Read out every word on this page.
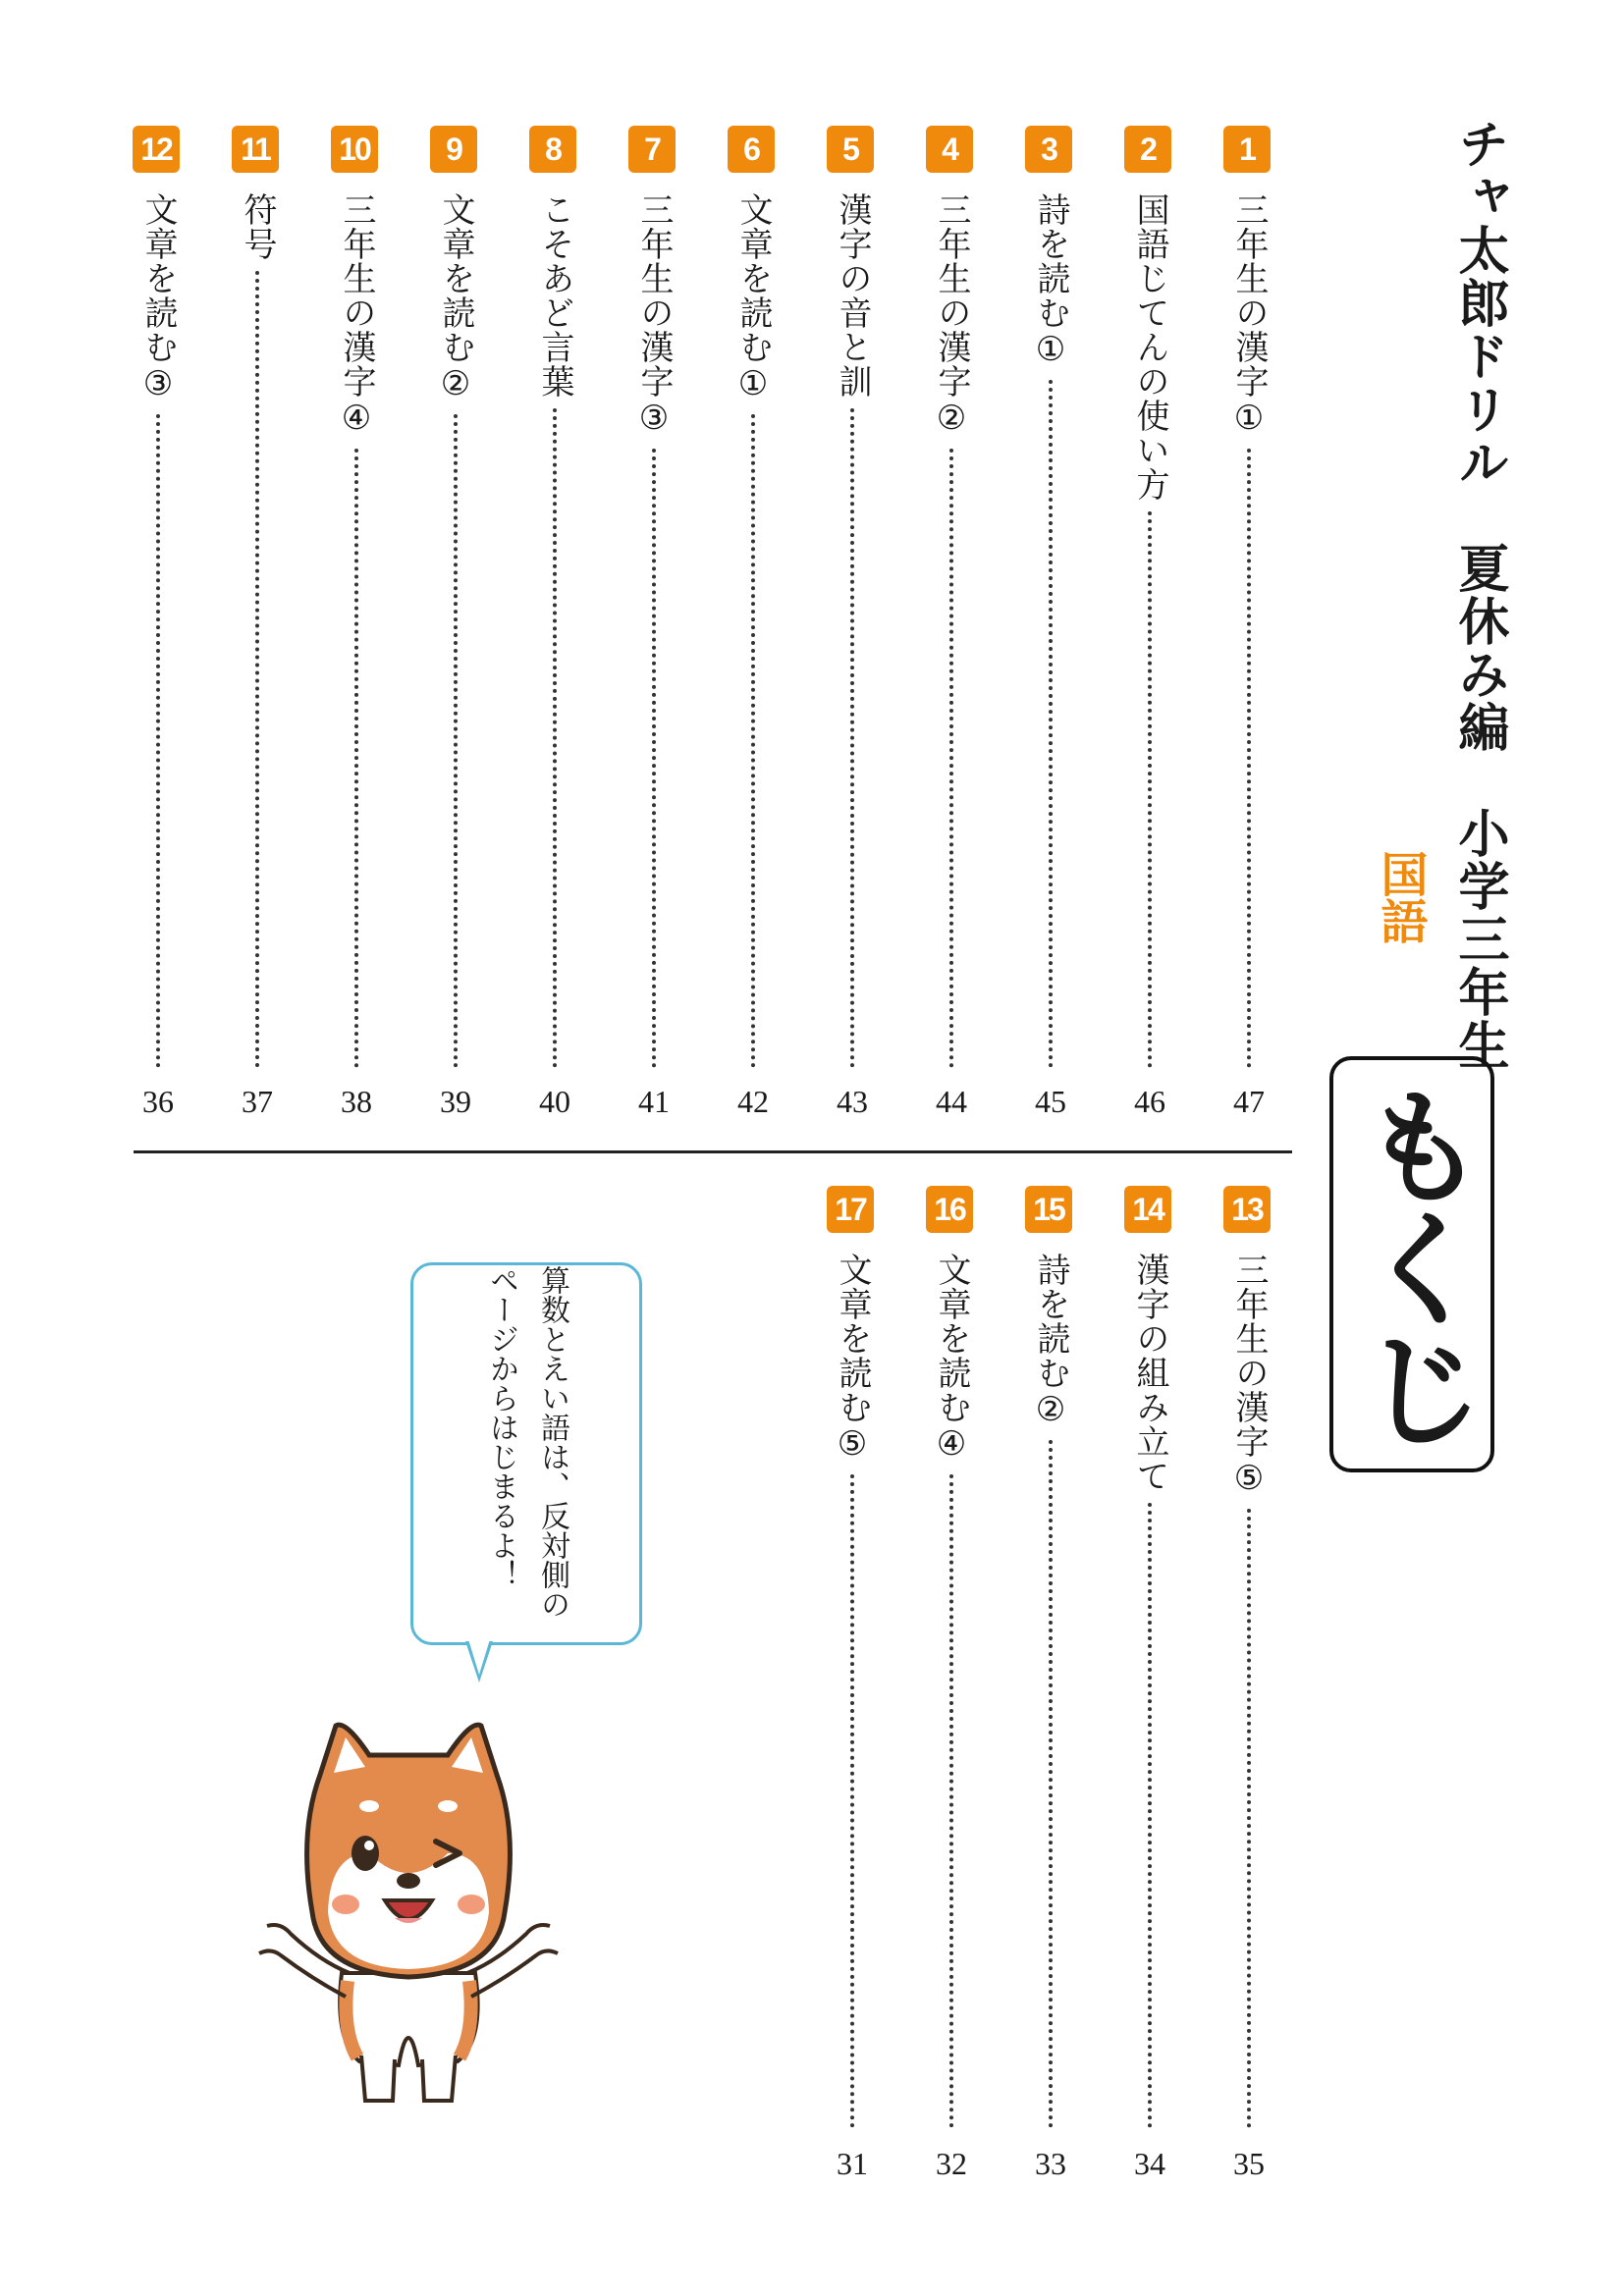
チャ太郎ドリル　夏休み編　小学三年生
国語
もくじ
1
三年生の漢字①
47
2
国語じてんの使い方
46
3
詩を読む①
45
4
三年生の漢字②
44
5
漢字の音と訓
43
6
文章を読む①
42
7
三年生の漢字③
41
8
こそあど言葉
40
9
文章を読む②
39
10
三年生の漢字④
38
11
符号
37
12
文章を読む③
36
13
三年生の漢字⑤
35
14
漢字の組み立て
34
15
詩を読む②
33
16
文章を読む④
32
17
文章を読む⑤
31
算数とえい語は、反対側のページからはじまるよ！
